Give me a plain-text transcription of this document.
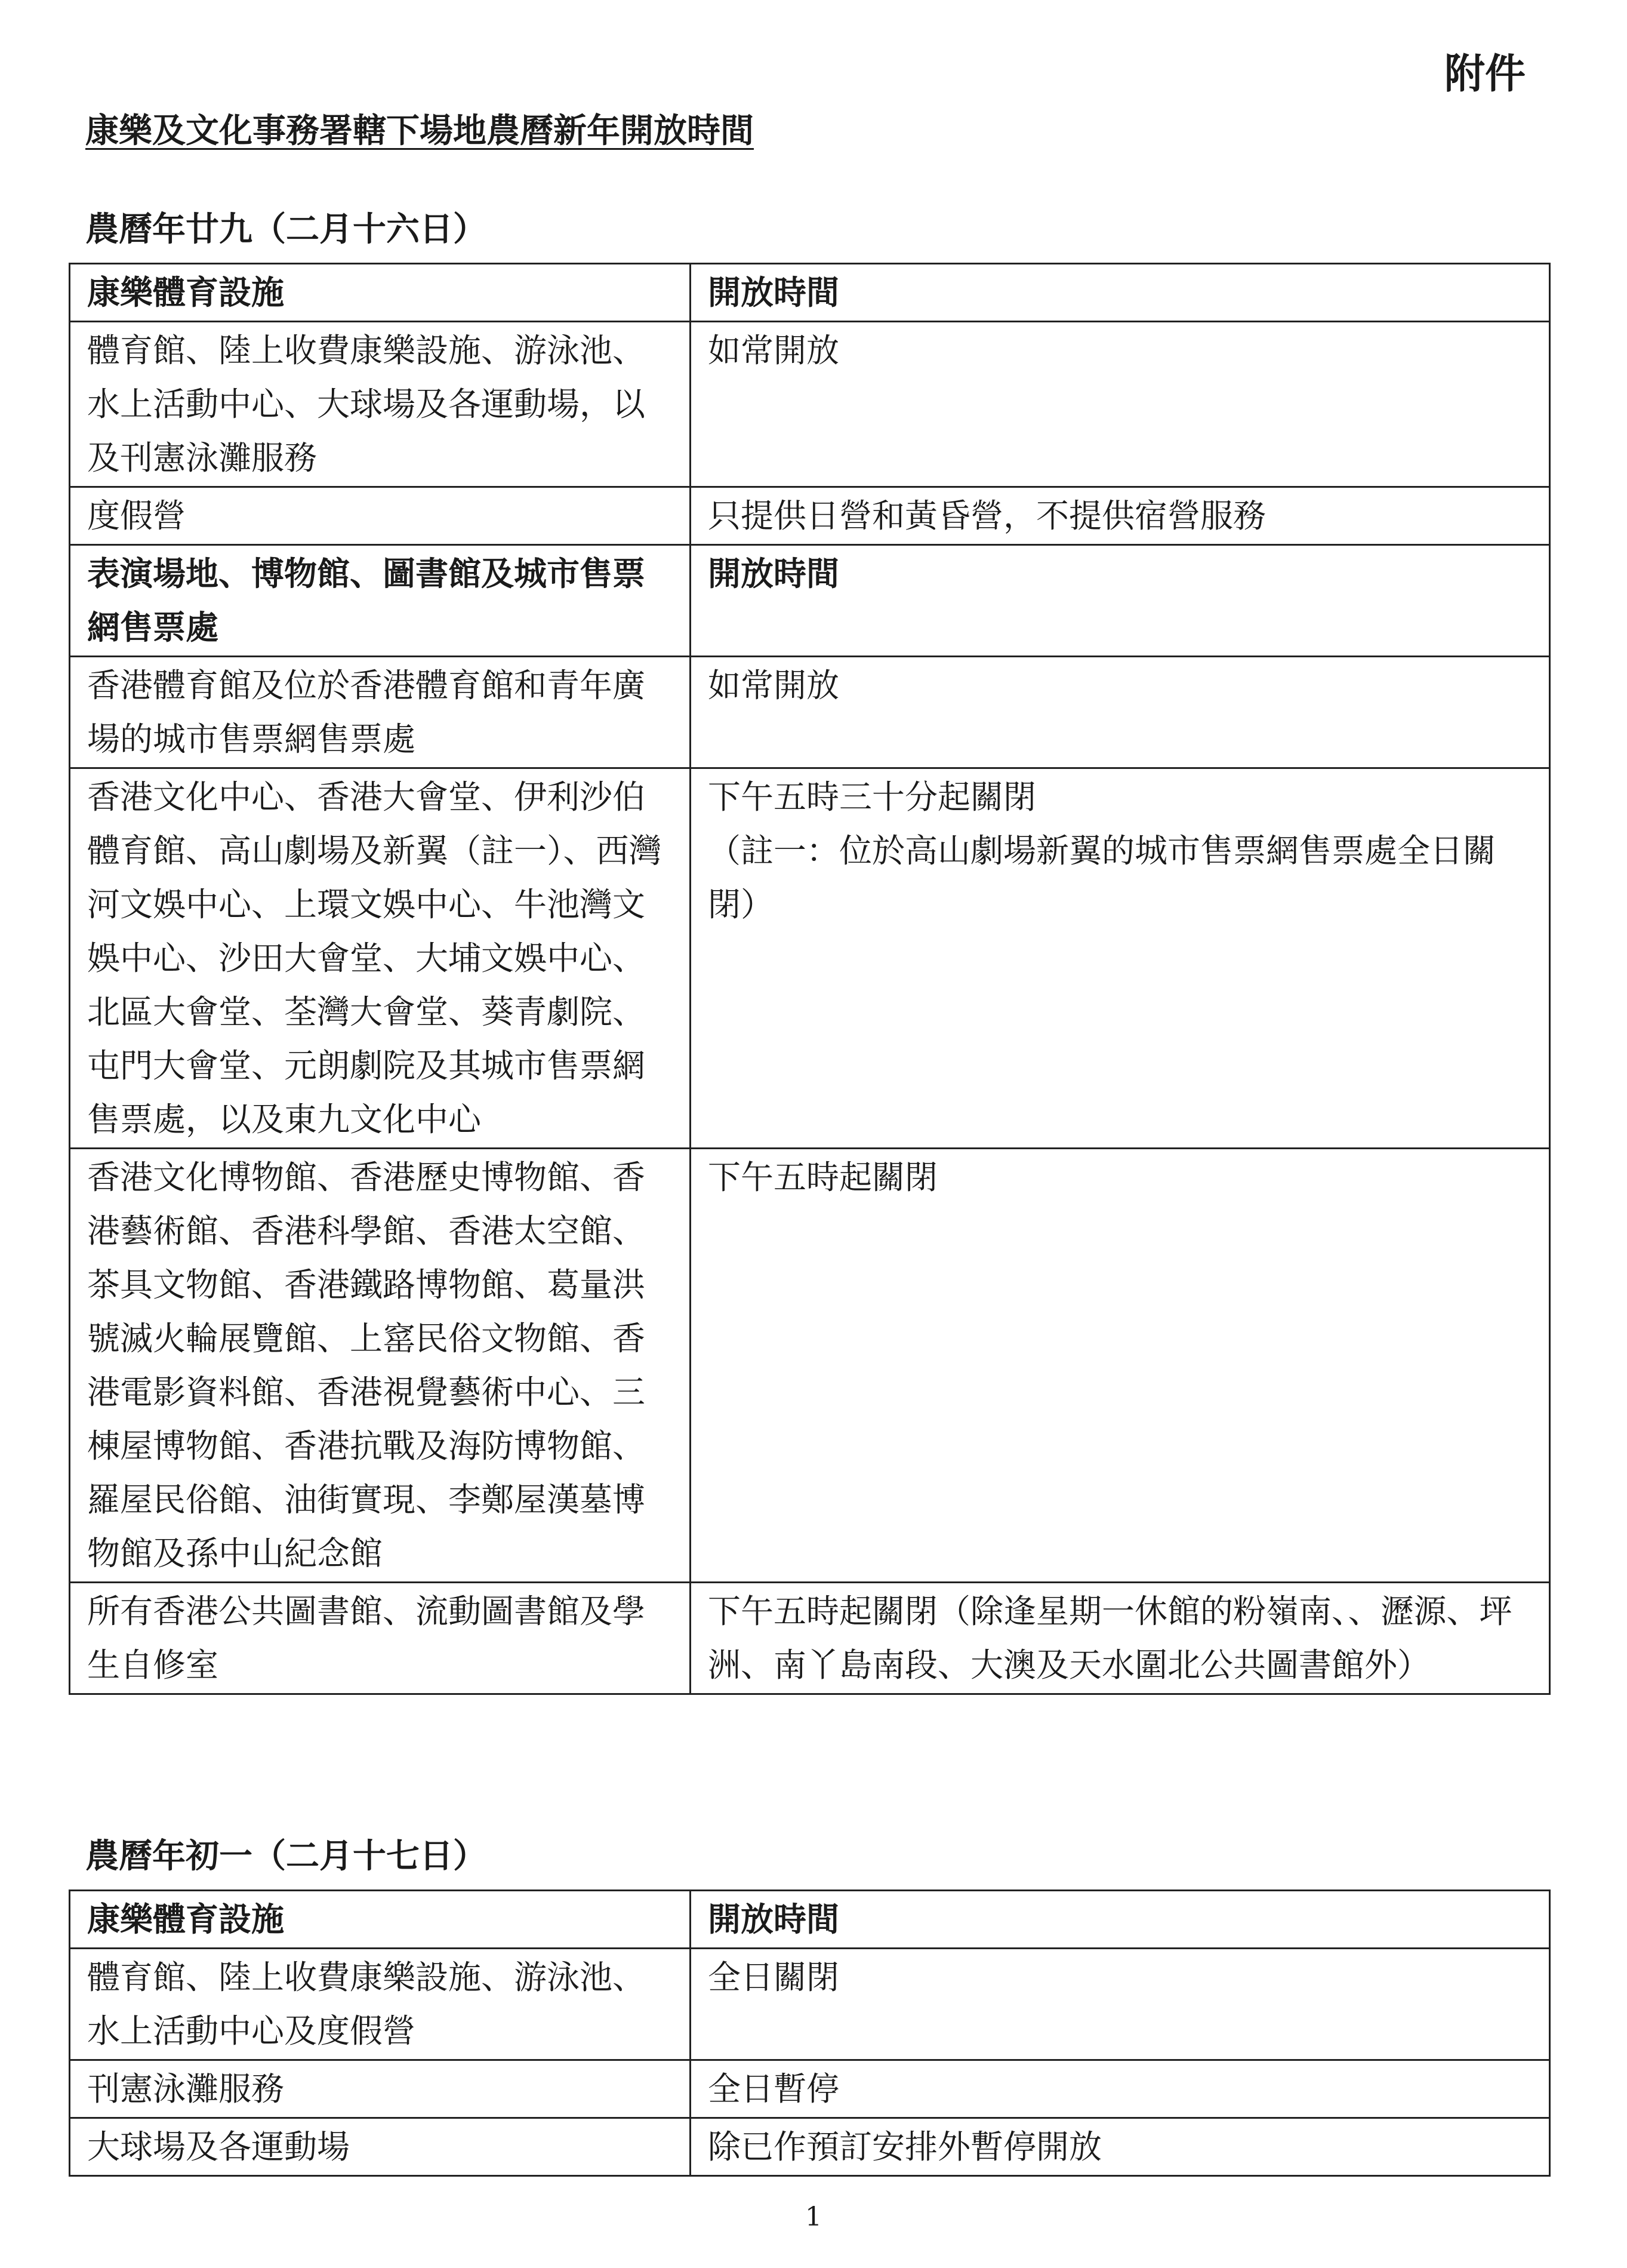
附件
康樂及文化事務署轄下場地農曆新年開放時間
農曆年廿九（二月十六日）
康樂體育設施	開放時間
體育館、陸上收費康樂設施、游泳池、水上活動中心、大球場及各運動場，以及刊憲泳灘服務	如常開放
度假營	只提供日營和黃昏營，不提供宿營服務
表演場地、博物館、圖書館及城市售票網售票處	開放時間
香港體育館及位於香港體育館和青年廣場的城市售票網售票處	如常開放
香港文化中心、香港大會堂、伊利沙伯體育館、高山劇場及新翼（註一）、西灣河文娛中心、上環文娛中心、牛池灣文娛中心、沙田大會堂、大埔文娛中心、北區大會堂、荃灣大會堂、葵青劇院、屯門大會堂、元朗劇院及其城市售票網售票處，以及東九文化中心	下午五時三十分起關閉
（註一：位於高山劇場新翼的城市售票網售票處全日關閉）

香港文化博物館、香港歷史博物館、香港藝術館、香港科學館、香港太空館、茶具文物館、香港鐵路博物館、葛量洪號滅火輪展覽館、上窰民俗文物館、香港電影資料館、香港視覺藝術中心、三棟屋博物館、香港抗戰及海防博物館、羅屋民俗館、油街實現、李鄭屋漢墓博物館及孫中山紀念館	下午五時起關閉
所有香港公共圖書館、流動圖書館及學生自修室	下午五時起關閉（除逢星期一休館的粉嶺南、、瀝源、坪洲、南丫島南段、大澳及天水圍北公共圖書館外）
農曆年初一（二月十七日）
康樂體育設施	開放時間
體育館、陸上收費康樂設施、游泳池、水上活動中心及度假營	全日關閉
刊憲泳灘服務	全日暫停
大球場及各運動場	除已作預訂安排外暫停開放
1
